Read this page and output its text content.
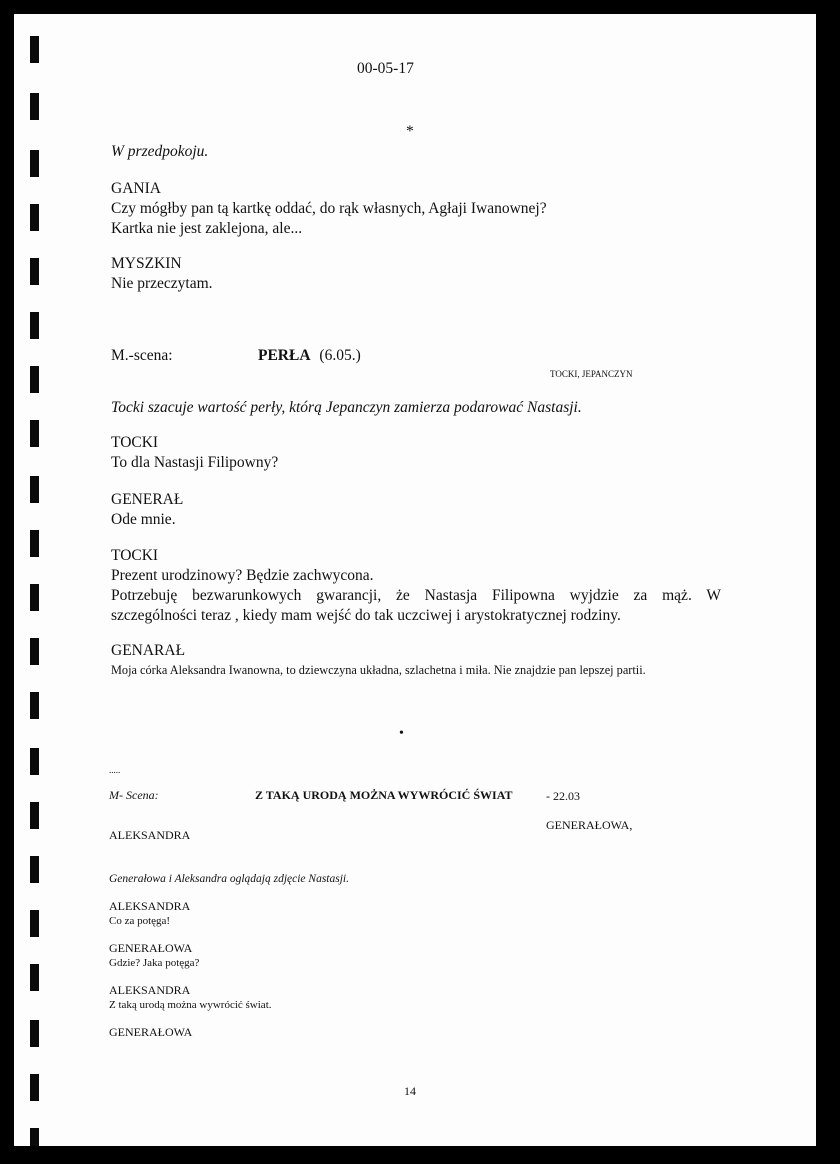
00-05-17
*
W przedpokoju.
GANIA
Czy mógłby pan tą kartkę oddać, do rąk własnych, Agłaji Iwanownej?
Kartka nie jest zaklejona, ale...
MYSZKIN
Nie przeczytam.
M.-scena:	PERŁA (6.05.)
TOCKI, JEPANCZYN
Tocki szacuje wartość perły, którą Jepanczyn zamierza podarować Nastasji.
TOCKI
To dla Nastasji Filipowny?
GENERAŁ
Ode mnie.
TOCKI
Prezent urodzinowy? Będzie zachwycona.
Potrzebuję bezwarunkowych gwarancji, że Nastasja Filipowna wyjdzie za mąż. W
szczególności teraz , kiedy mam wejść do tak uczciwej i arystokratycznej rodziny.
GENARAŁ
Moja córka Aleksandra Iwanowna, to dziewczyna układna, szlachetna i miła. Nie znajdzie pan lepszej partii.
•
.....
M- Scena:	Z TAKĄ URODĄ MOŻNA WYWRÓCIĆ ŚWIAT	- 22.03
GENERAŁOWA,
ALEKSANDRA
Generałowa i Aleksandra oglądają zdjęcie Nastasji.
ALEKSANDRA
Co za potęga!
GENERAŁOWA
Gdzie? Jaka potęga?
ALEKSANDRA
Z taką urodą można wywrócić świat.
GENERAŁOWA
14
